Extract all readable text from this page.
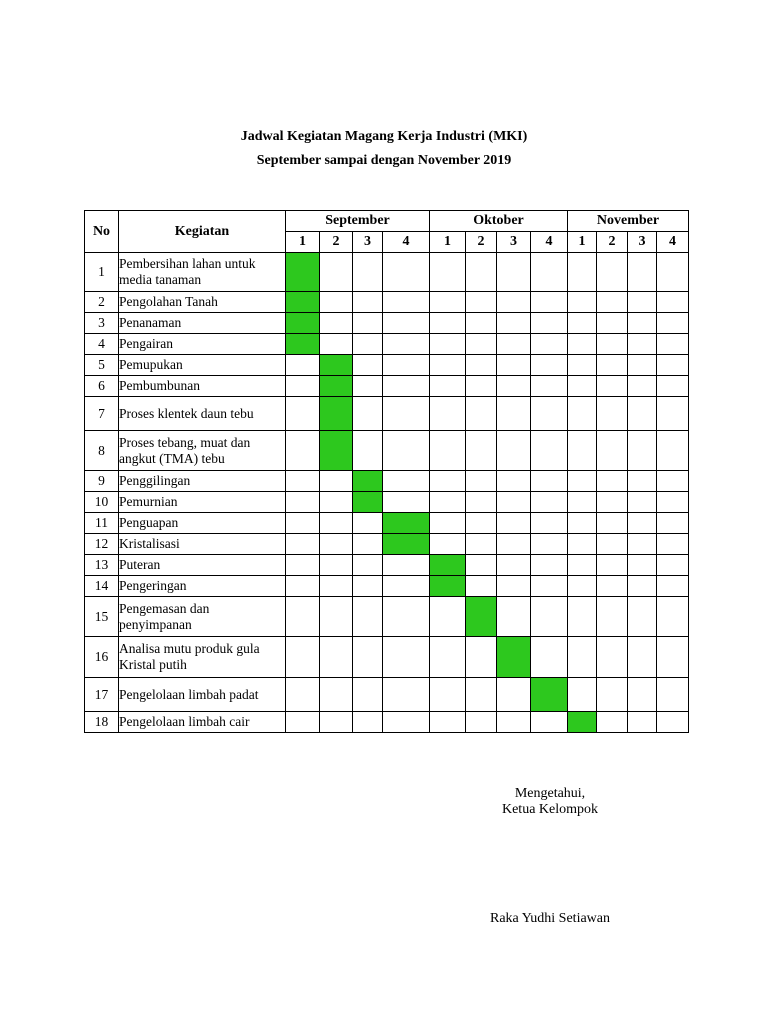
Jadwal Kegiatan Magang Kerja Industri (MKI)
September sampai dengan November 2019
No	Kegiatan	September				Oktober				November			
		1	2	3	4	1	2	3	4	1	2	3	4
1	Pembersihan lahan untuk media tanaman												
2	Pengolahan Tanah												
3	Penanaman												
4	Pengairan												
5	Pemupukan												
6	Pembumbunan												
7	Proses klentek daun tebu												
8	Proses tebang, muat dan angkut (TMA) tebu												
9	Penggilingan												
10	Pemurnian												
11	Penguapan												
12	Kristalisasi												
13	Puteran												
14	Pengeringan												
15	Pengemasan dan penyimpanan												
16	Analisa mutu produk gula Kristal putih												
17	Pengelolaan limbah padat												
18	Pengelolaan limbah cair												
Mengetahui,
Ketua Kelompok
Raka Yudhi Setiawan
